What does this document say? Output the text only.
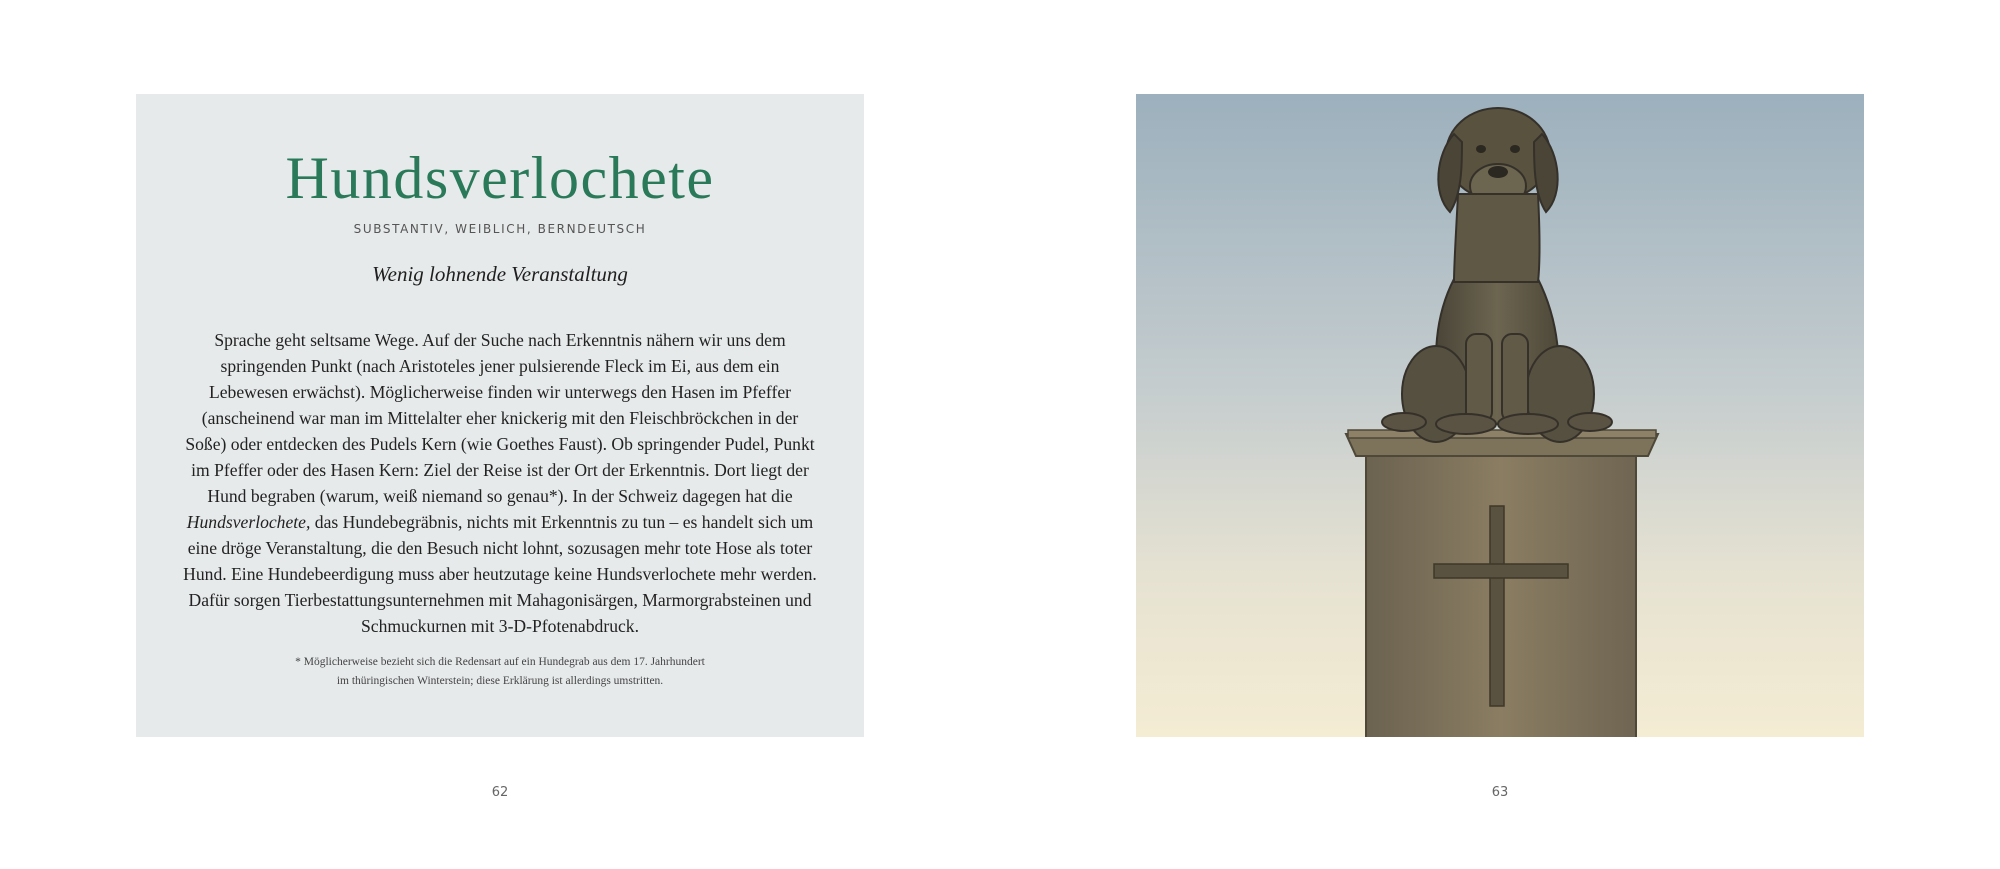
Hundsverlochete
SUBSTANTIV, WEIBLICH, BERNDEUTSCH
Wenig lohnende Veranstaltung
Sprache geht seltsame Wege. Auf der Suche nach Erkenntnis nähern wir uns dem springenden Punkt (nach Aristoteles jener pulsierende Fleck im Ei, aus dem ein Lebewesen erwächst). Möglicherweise finden wir unterwegs den Hasen im Pfeffer (anscheinend war man im Mittelalter eher knickerig mit den Fleischbröckchen in der Soße) oder entdecken des Pudels Kern (wie Goethes Faust). Ob springender Pudel, Punkt im Pfeffer oder des Hasen Kern: Ziel der Reise ist der Ort der Erkenntnis. Dort liegt der Hund begraben (warum, weiß niemand so genau*). In der Schweiz dagegen hat die Hundsverlochete, das Hundebegräbnis, nichts mit Erkenntnis zu tun – es handelt sich um eine dröge Veranstaltung, die den Besuch nicht lohnt, sozusagen mehr tote Hose als toter Hund. Eine Hundebeerdigung muss aber heutzutage keine Hundsverlochete mehr werden. Dafür sorgen Tierbestattungsunternehmen mit Mahagonisärgen, Marmorgrabsteinen und Schmuckurnen mit 3-D-Pfotenabdruck.
* Möglicherweise bezieht sich die Redensart auf ein Hundegrab aus dem 17. Jahrhundert
im thüringischen Winterstein; diese Erklärung ist allerdings umstritten.
62	63
